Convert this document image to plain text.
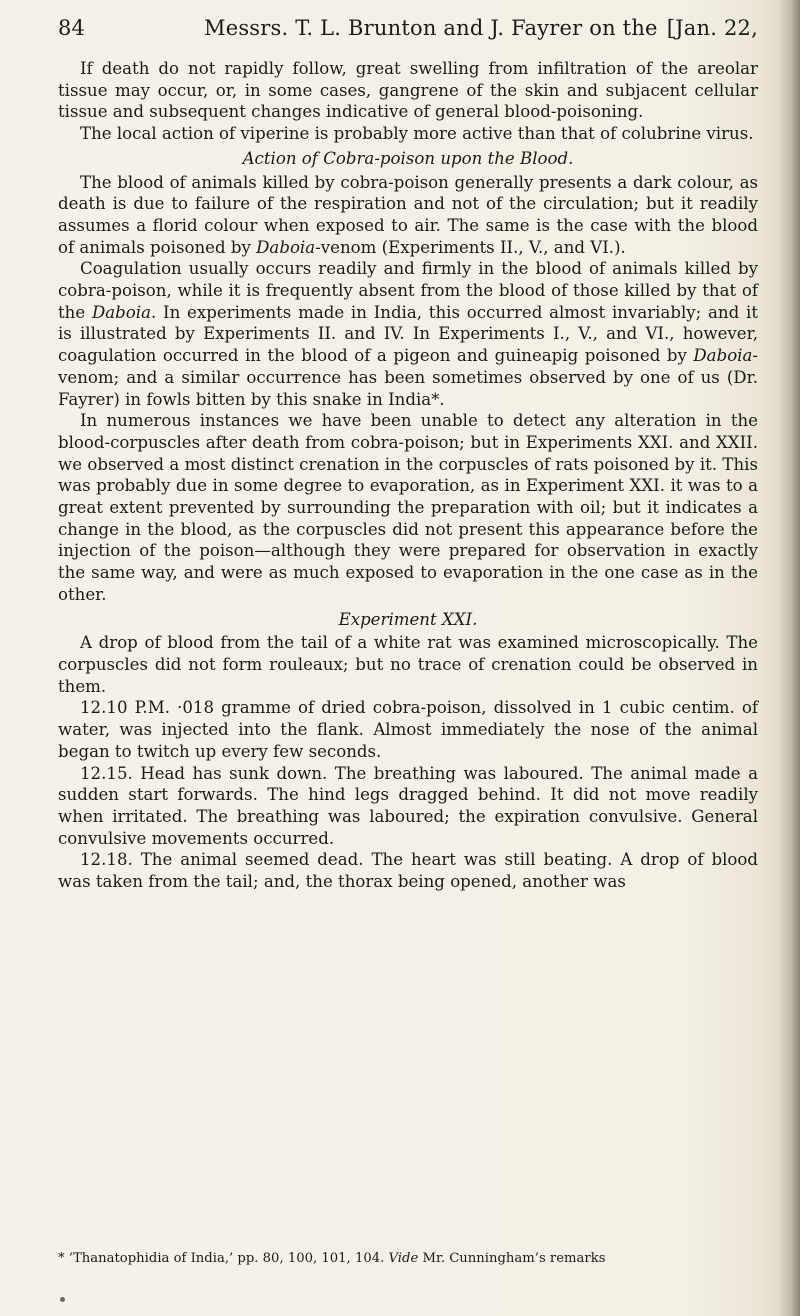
84	Messrs. T. L. Brunton and J. Fayrer on the [Jan. 22,

If death do not rapidly follow, great swelling from infiltration of the areolar tissue may occur, or, in some cases, gangrene of the skin and subjacent cellular tissue and subsequent changes indicative of general blood-poisoning.

The local action of viperine is probably more active than that of colubrine virus.

Action of Cobra-poison upon the Blood.

The blood of animals killed by cobra-poison generally presents a dark colour, as death is due to failure of the respiration and not of the circulation; but it readily assumes a florid colour when exposed to air. The same is the case with the blood of animals poisoned by Daboia-venom (Experiments II., V., and VI.).

Coagulation usually occurs readily and firmly in the blood of animals killed by cobra-poison, while it is frequently absent from the blood of those killed by that of the Daboia. In experiments made in India, this occurred almost invariably; and it is illustrated by Experiments II. and IV. In Experiments I., V., and VI., however, coagulation occurred in the blood of a pigeon and guineapig poisoned by Daboia-venom; and a similar occurrence has been sometimes observed by one of us (Dr. Fayrer) in fowls bitten by this snake in India*.

In numerous instances we have been unable to detect any alteration in the blood-corpuscles after death from cobra-poison; but in Experiments XXI. and XXII. we observed a most distinct crenation in the corpuscles of rats poisoned by it. This was probably due in some degree to evaporation, as in Experiment XXI. it was to a great extent prevented by surrounding the preparation with oil; but it indicates a change in the blood, as the corpuscles did not present this appearance before the injection of the poison—although they were prepared for observation in exactly the same way, and were as much exposed to evaporation in the one case as in the other.

Experiment XXI.

A drop of blood from the tail of a white rat was examined microscopically. The corpuscles did not form rouleaux; but no trace of crenation could be observed in them.

12.10 P.M. ·018 gramme of dried cobra-poison, dissolved in 1 cubic centim. of water, was injected into the flank. Almost immediately the nose of the animal began to twitch up every few seconds.

12.15. Head has sunk down. The breathing was laboured. The animal made a sudden start forwards. The hind legs dragged behind. It did not move readily when irritated. The breathing was laboured; the expiration convulsive. General convulsive movements occurred.

12.18. The animal seemed dead. The heart was still beating. A drop of blood was taken from the tail; and, the thorax being opened, another was

* ‘Thanatophidia of India,’ pp. 80, 100, 101, 104. Vide Mr. Cunningham’s remarks
